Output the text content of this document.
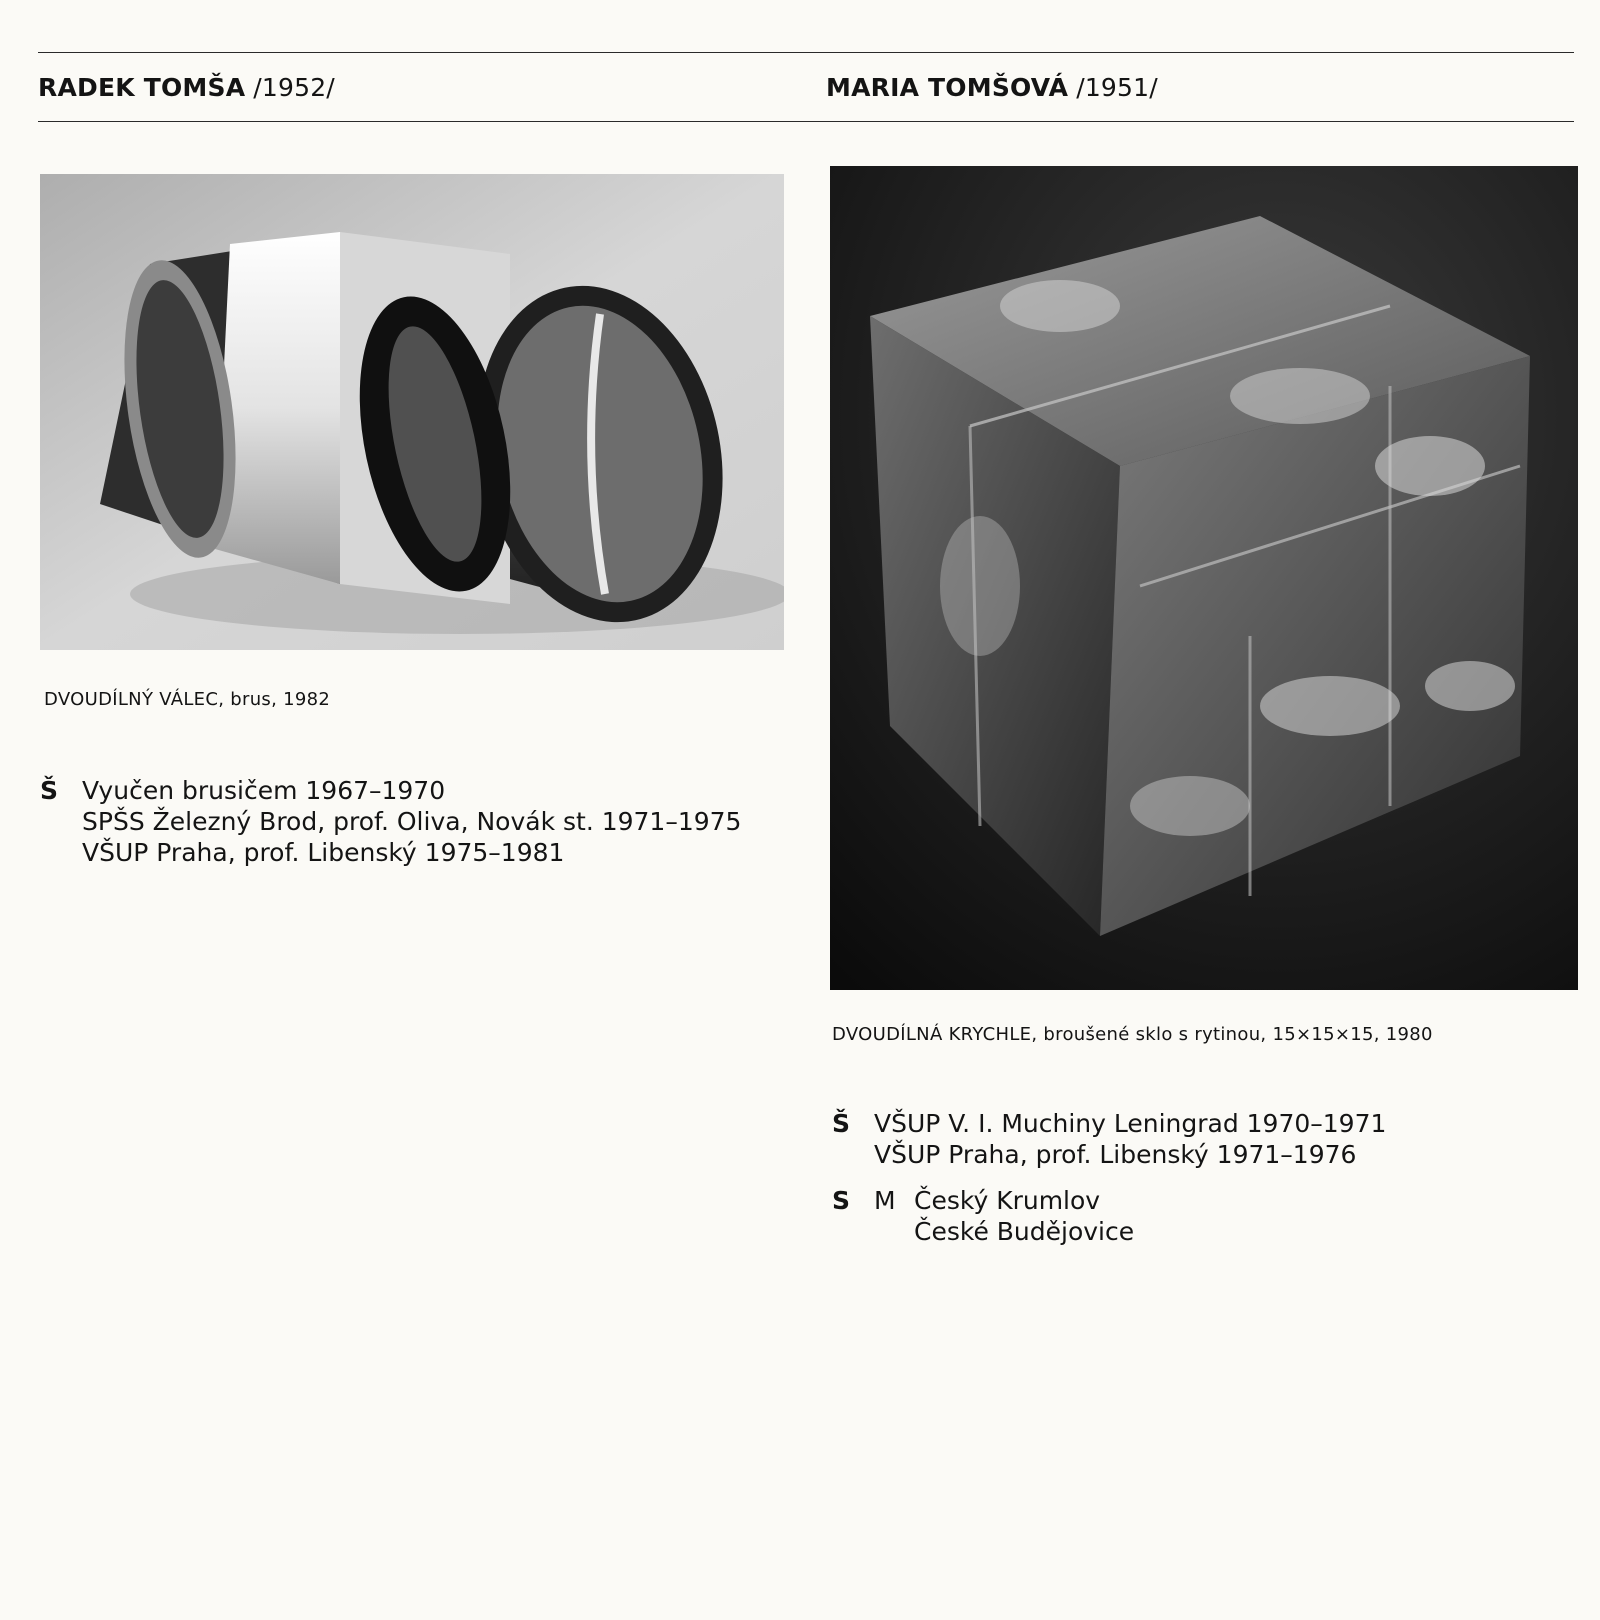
RADEK TOMŠA /1952/
DVOUDÍLNÝ VÁLEC, brus, 1982
Š Vyučen brusičem 1967–1970
SPŠS Železný Brod, prof. Oliva, Novák st. 1971–1975
VŠUP Praha, prof. Libenský 1975–1981
MARIA TOMŠOVÁ /1951/
DVOUDÍLNÁ KRYCHLE, broušené sklo s rytinou, 15×15×15, 1980
Š VŠUP V. I. Muchiny Leningrad 1970–1971
VŠUP Praha, prof. Libenský 1971–1976
S M Český Krumlov
České Budějovice
